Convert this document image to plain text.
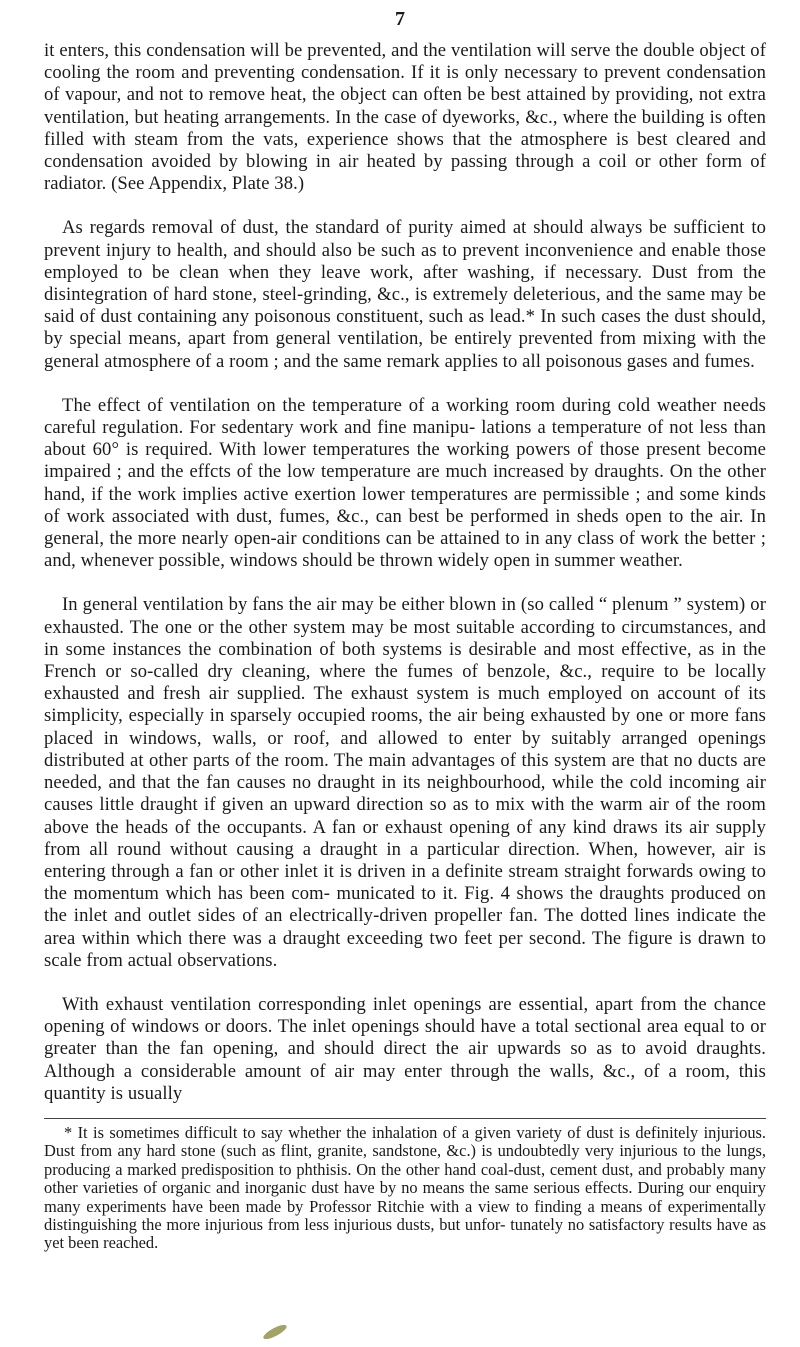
7

it enters, this condensation will be prevented, and the ventilation will serve the double object of cooling the room and preventing condensation. If it is only necessary to prevent condensation of vapour, and not to remove heat, the object can often be best attained by providing, not extra ventilation, but heating arrangements. In the case of dyeworks, &c., where the building is often filled with steam from the vats, experience shows that the atmosphere is best cleared and condensation avoided by blowing in air heated by passing through a coil or other form of radiator. (See Appendix, Plate 38.)

As regards removal of dust, the standard of purity aimed at should always be sufficient to prevent injury to health, and should also be such as to prevent inconvenience and enable those employed to be clean when they leave work, after washing, if necessary. Dust from the disintegration of hard stone, steel-grinding, &c., is extremely deleterious, and the same may be said of dust containing any poisonous constituent, such as lead.* In such cases the dust should, by special means, apart from general ventilation, be entirely prevented from mixing with the general atmosphere of a room ; and the same remark applies to all poisonous gases and fumes.

The effect of ventilation on the temperature of a working room during cold weather needs careful regulation. For sedentary work and fine manipu- lations a temperature of not less than about 60° is required. With lower temperatures the working powers of those present become impaired ; and the effcts of the low temperature are much increased by draughts. On the other hand, if the work implies active exertion lower temperatures are permissible ; and some kinds of work associated with dust, fumes, &c., can best be performed in sheds open to the air. In general, the more nearly open-air conditions can be attained to in any class of work the better ; and, whenever possible, windows should be thrown widely open in summer weather.

In general ventilation by fans the air may be either blown in (so called “ plenum ” system) or exhausted. The one or the other system may be most suitable according to circumstances, and in some instances the combination of both systems is desirable and most effective, as in the French or so-called dry cleaning, where the fumes of benzole, &c., require to be locally exhausted and fresh air supplied. The exhaust system is much employed on account of its simplicity, especially in sparsely occupied rooms, the air being exhausted by one or more fans placed in windows, walls, or roof, and allowed to enter by suitably arranged openings distributed at other parts of the room. The main advantages of this system are that no ducts are needed, and that the fan causes no draught in its neighbourhood, while the cold incoming air causes little draught if given an upward direction so as to mix with the warm air of the room above the heads of the occupants. A fan or exhaust opening of any kind draws its air supply from all round without causing a draught in a particular direction. When, however, air is entering through a fan or other inlet it is driven in a definite stream straight forwards owing to the momentum which has been com- municated to it. Fig. 4 shows the draughts produced on the inlet and outlet sides of an electrically-driven propeller fan. The dotted lines indicate the area within which there was a draught exceeding two feet per second. The figure is drawn to scale from actual observations.

With exhaust ventilation corresponding inlet openings are essential, apart from the chance opening of windows or doors. The inlet openings should have a total sectional area equal to or greater than the fan opening, and should direct the air upwards so as to avoid draughts. Although a considerable amount of air may enter through the walls, &c., of a room, this quantity is usually

* It is sometimes difficult to say whether the inhalation of a given variety of dust is definitely injurious. Dust from any hard stone (such as flint, granite, sandstone, &c.) is undoubtedly very injurious to the lungs, producing a marked predisposition to phthisis. On the other hand coal-dust, cement dust, and probably many other varieties of organic and inorganic dust have by no means the same serious effects. During our enquiry many experiments have been made by Professor Ritchie with a view to finding a means of experimentally distinguishing the more injurious from less injurious dusts, but unfor- tunately no satisfactory results have as yet been reached.
